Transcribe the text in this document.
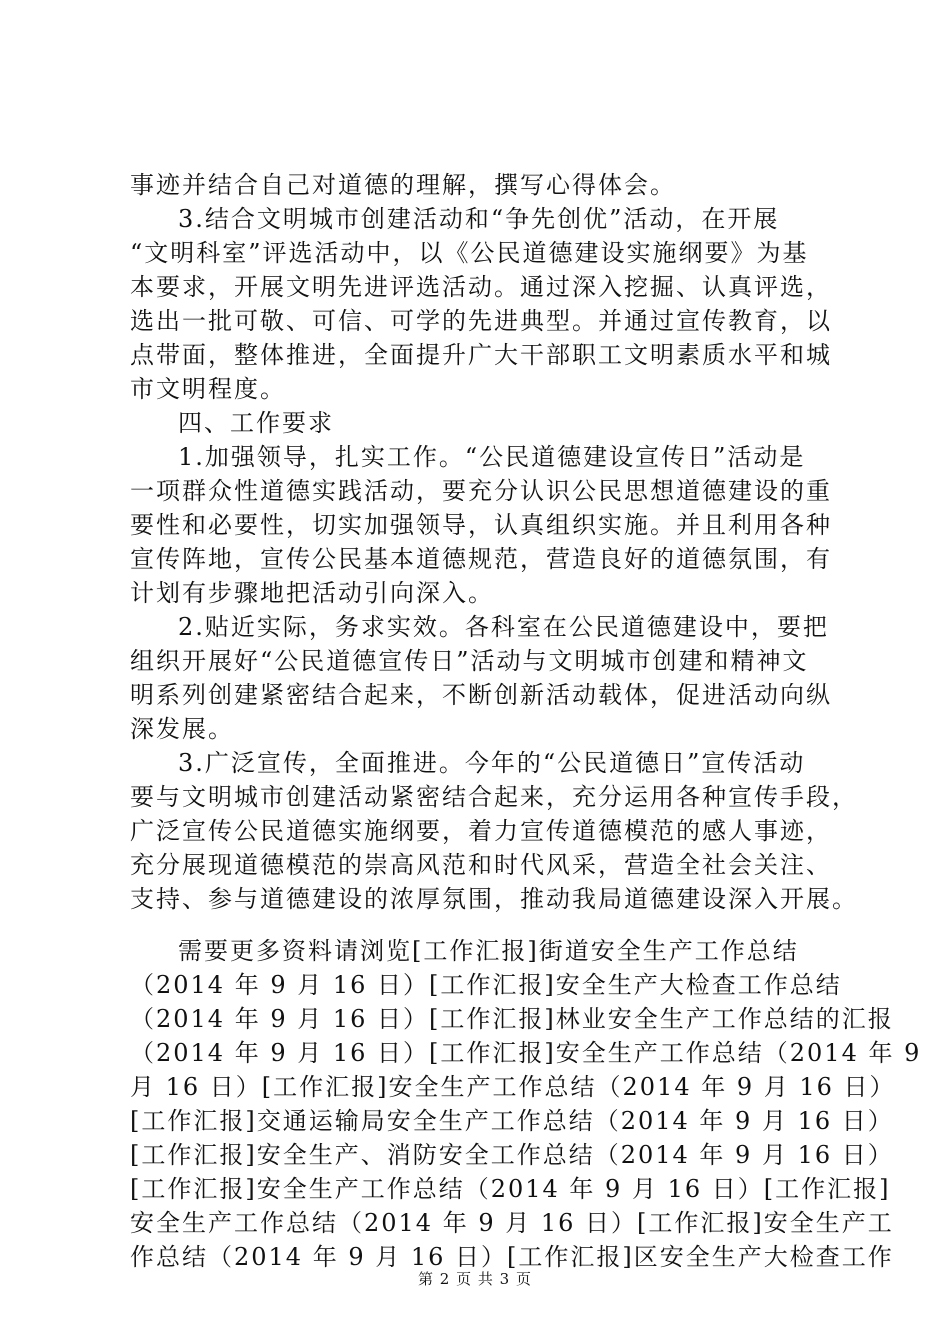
事迹并结合自己对道德的理解，撰写心得体会。
3.结合文明城市创建活动和“争先创优”活动，在开展
“文明科室”评选活动中，以《公民道德建设实施纲要》为基
本要求，开展文明先进评选活动。通过深入挖掘、认真评选，
选出一批可敬、可信、可学的先进典型。并通过宣传教育，以
点带面，整体推进，全面提升广大干部职工文明素质水平和城
市文明程度。
四、工作要求
1.加强领导，扎实工作。“公民道德建设宣传日”活动是
一项群众性道德实践活动，要充分认识公民思想道德建设的重
要性和必要性，切实加强领导，认真组织实施。并且利用各种
宣传阵地，宣传公民基本道德规范，营造良好的道德氛围，有
计划有步骤地把活动引向深入。
2.贴近实际，务求实效。各科室在公民道德建设中，要把
组织开展好“公民道德宣传日”活动与文明城市创建和精神文
明系列创建紧密结合起来，不断创新活动载体，促进活动向纵
深发展。
3.广泛宣传，全面推进。今年的“公民道德日”宣传活动
要与文明城市创建活动紧密结合起来，充分运用各种宣传手段，
广泛宣传公民道德实施纲要，着力宣传道德模范的感人事迹，
充分展现道德模范的崇高风范和时代风采，营造全社会关注、
支持、参与道德建设的浓厚氛围，推动我局道德建设深入开展。
需要更多资料请浏览[工作汇报]街道安全生产工作总结
（2014 年 9 月 16 日）[工作汇报]安全生产大检查工作总结
（2014 年 9 月 16 日）[工作汇报]林业安全生产工作总结的汇报
（2014 年 9 月 16 日）[工作汇报]安全生产工作总结（2014 年 9
月 16 日）[工作汇报]安全生产工作总结（2014 年 9 月 16 日）
[工作汇报]交通运输局安全生产工作总结（2014 年 9 月 16 日）
[工作汇报]安全生产、消防安全工作总结（2014 年 9 月 16 日）
[工作汇报]安全生产工作总结（2014 年 9 月 16 日）[工作汇报]
安全生产工作总结（2014 年 9 月 16 日）[工作汇报]安全生产工
作总结（2014 年 9 月 16 日）[工作汇报]区安全生产大检查工作
第 2 页 共 3 页
